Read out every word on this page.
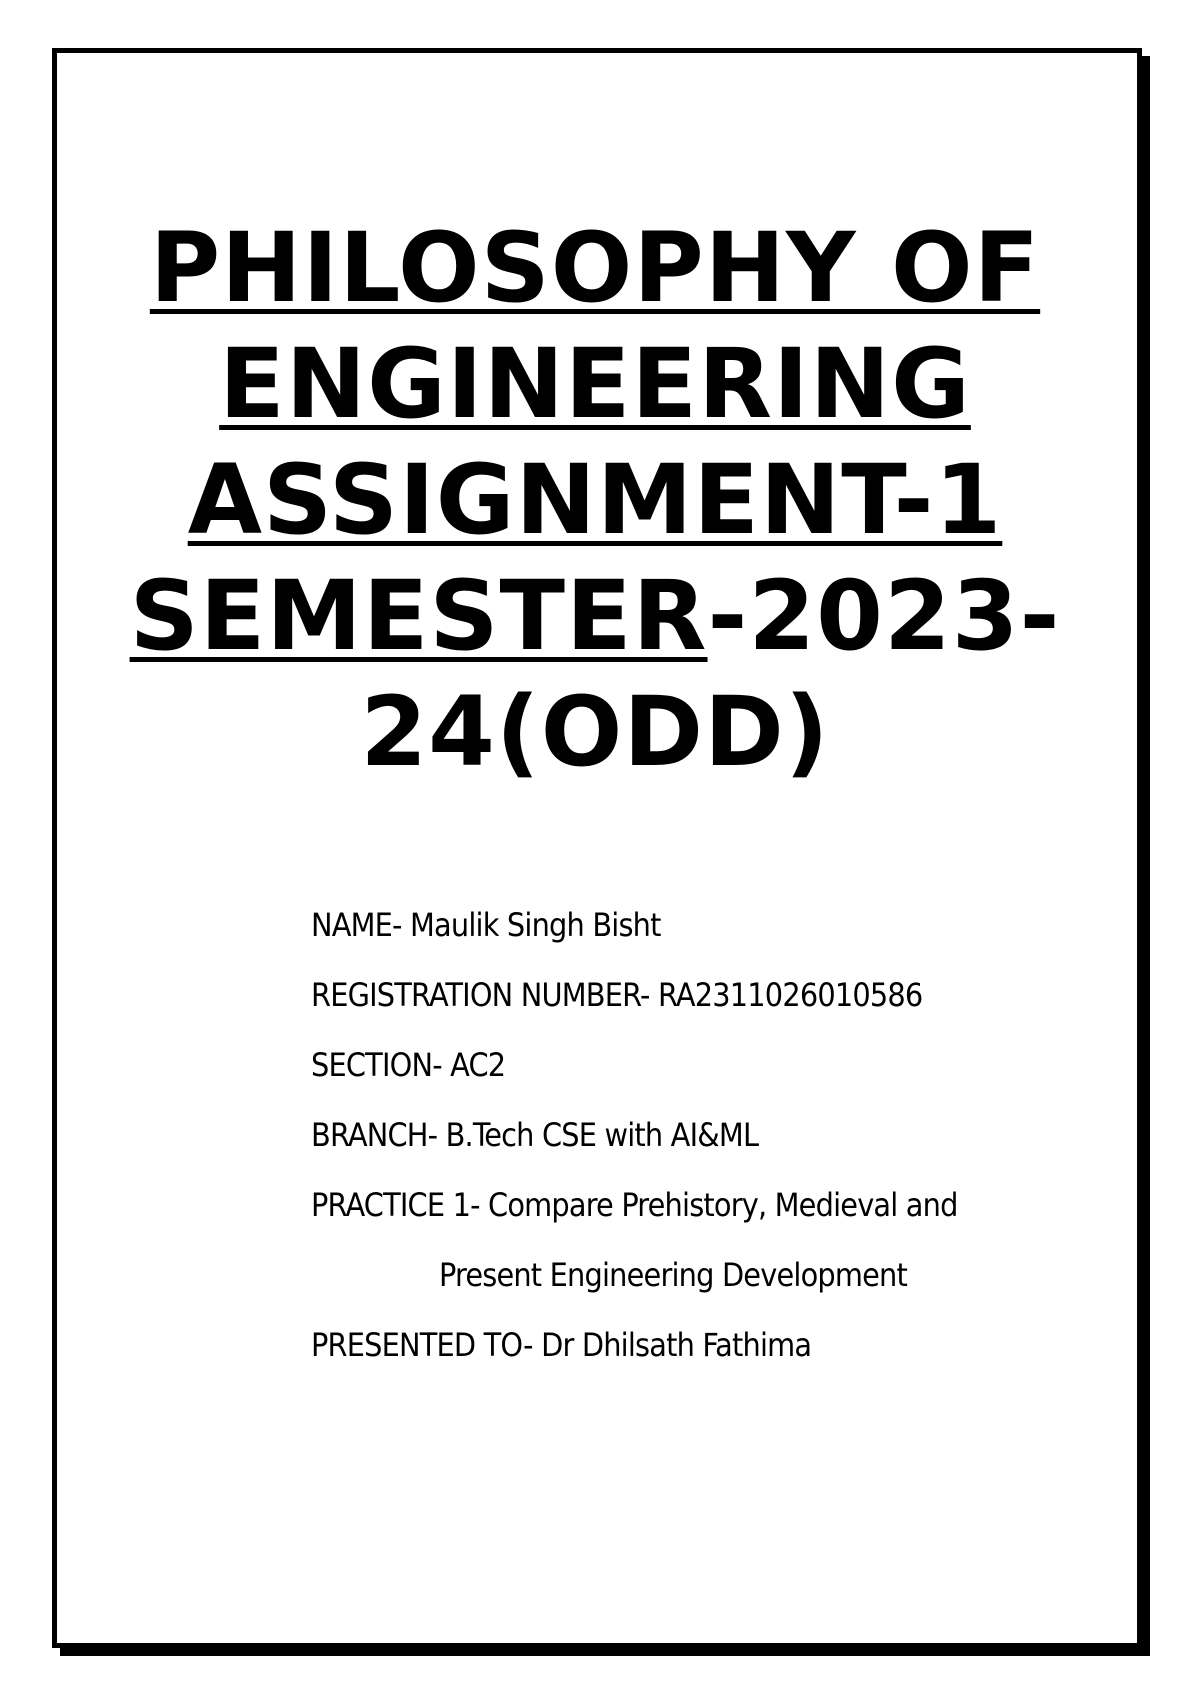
PHILOSOPHY OF
ENGINEERING
ASSIGNMENT-1
SEMESTER-2023-
24(ODD)
NAME- Maulik Singh Bisht
REGISTRATION NUMBER- RA2311026010586
SECTION- AC2
BRANCH- B.Tech CSE with AI&ML
PRACTICE 1- Compare Prehistory, Medieval and
Present Engineering Development
PRESENTED TO- Dr Dhilsath Fathima
